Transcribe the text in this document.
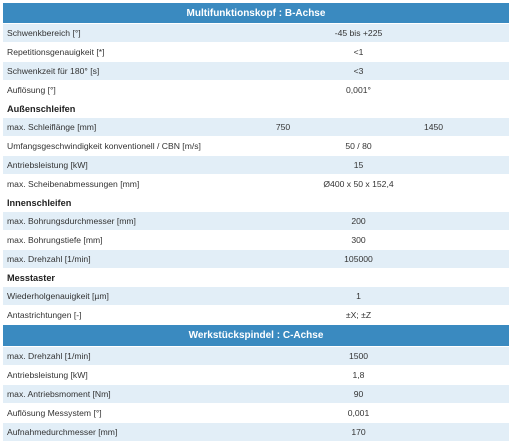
Multifunktionskopf : B-Achse
Schwenkbereich [°]	-45 bis +225
Repetitionsgenauigkeit [*]	<1
Schwenkzeit für 180° [s]	<3
Auflösung [°]	0,001°
Außenschleifen
max. Schleiflänge [mm]	750	1450
Umfangsgeschwindigkeit konventionell / CBN [m/s]	50 / 80
Antriebsleistung [kW]	15
max. Scheibenabmessungen [mm]	Ø400 x 50 x 152,4
Innenschleifen
max. Bohrungsdurchmesser [mm]	200
max. Bohrungstiefe [mm]	300
max. Drehzahl [1/min]	105000
Messtaster
Wiederholgenauigkeit [µm]	1
Antastrichtungen [-]	±X; ±Z
Werkstückspindel : C-Achse
max. Drehzahl [1/min]	1500
Antriebsleistung [kW]	1,8
max. Antriebsmoment [Nm]	90
Auflösung Messystem [°]	0,001
Aufnahmedurchmesser [mm]	170
